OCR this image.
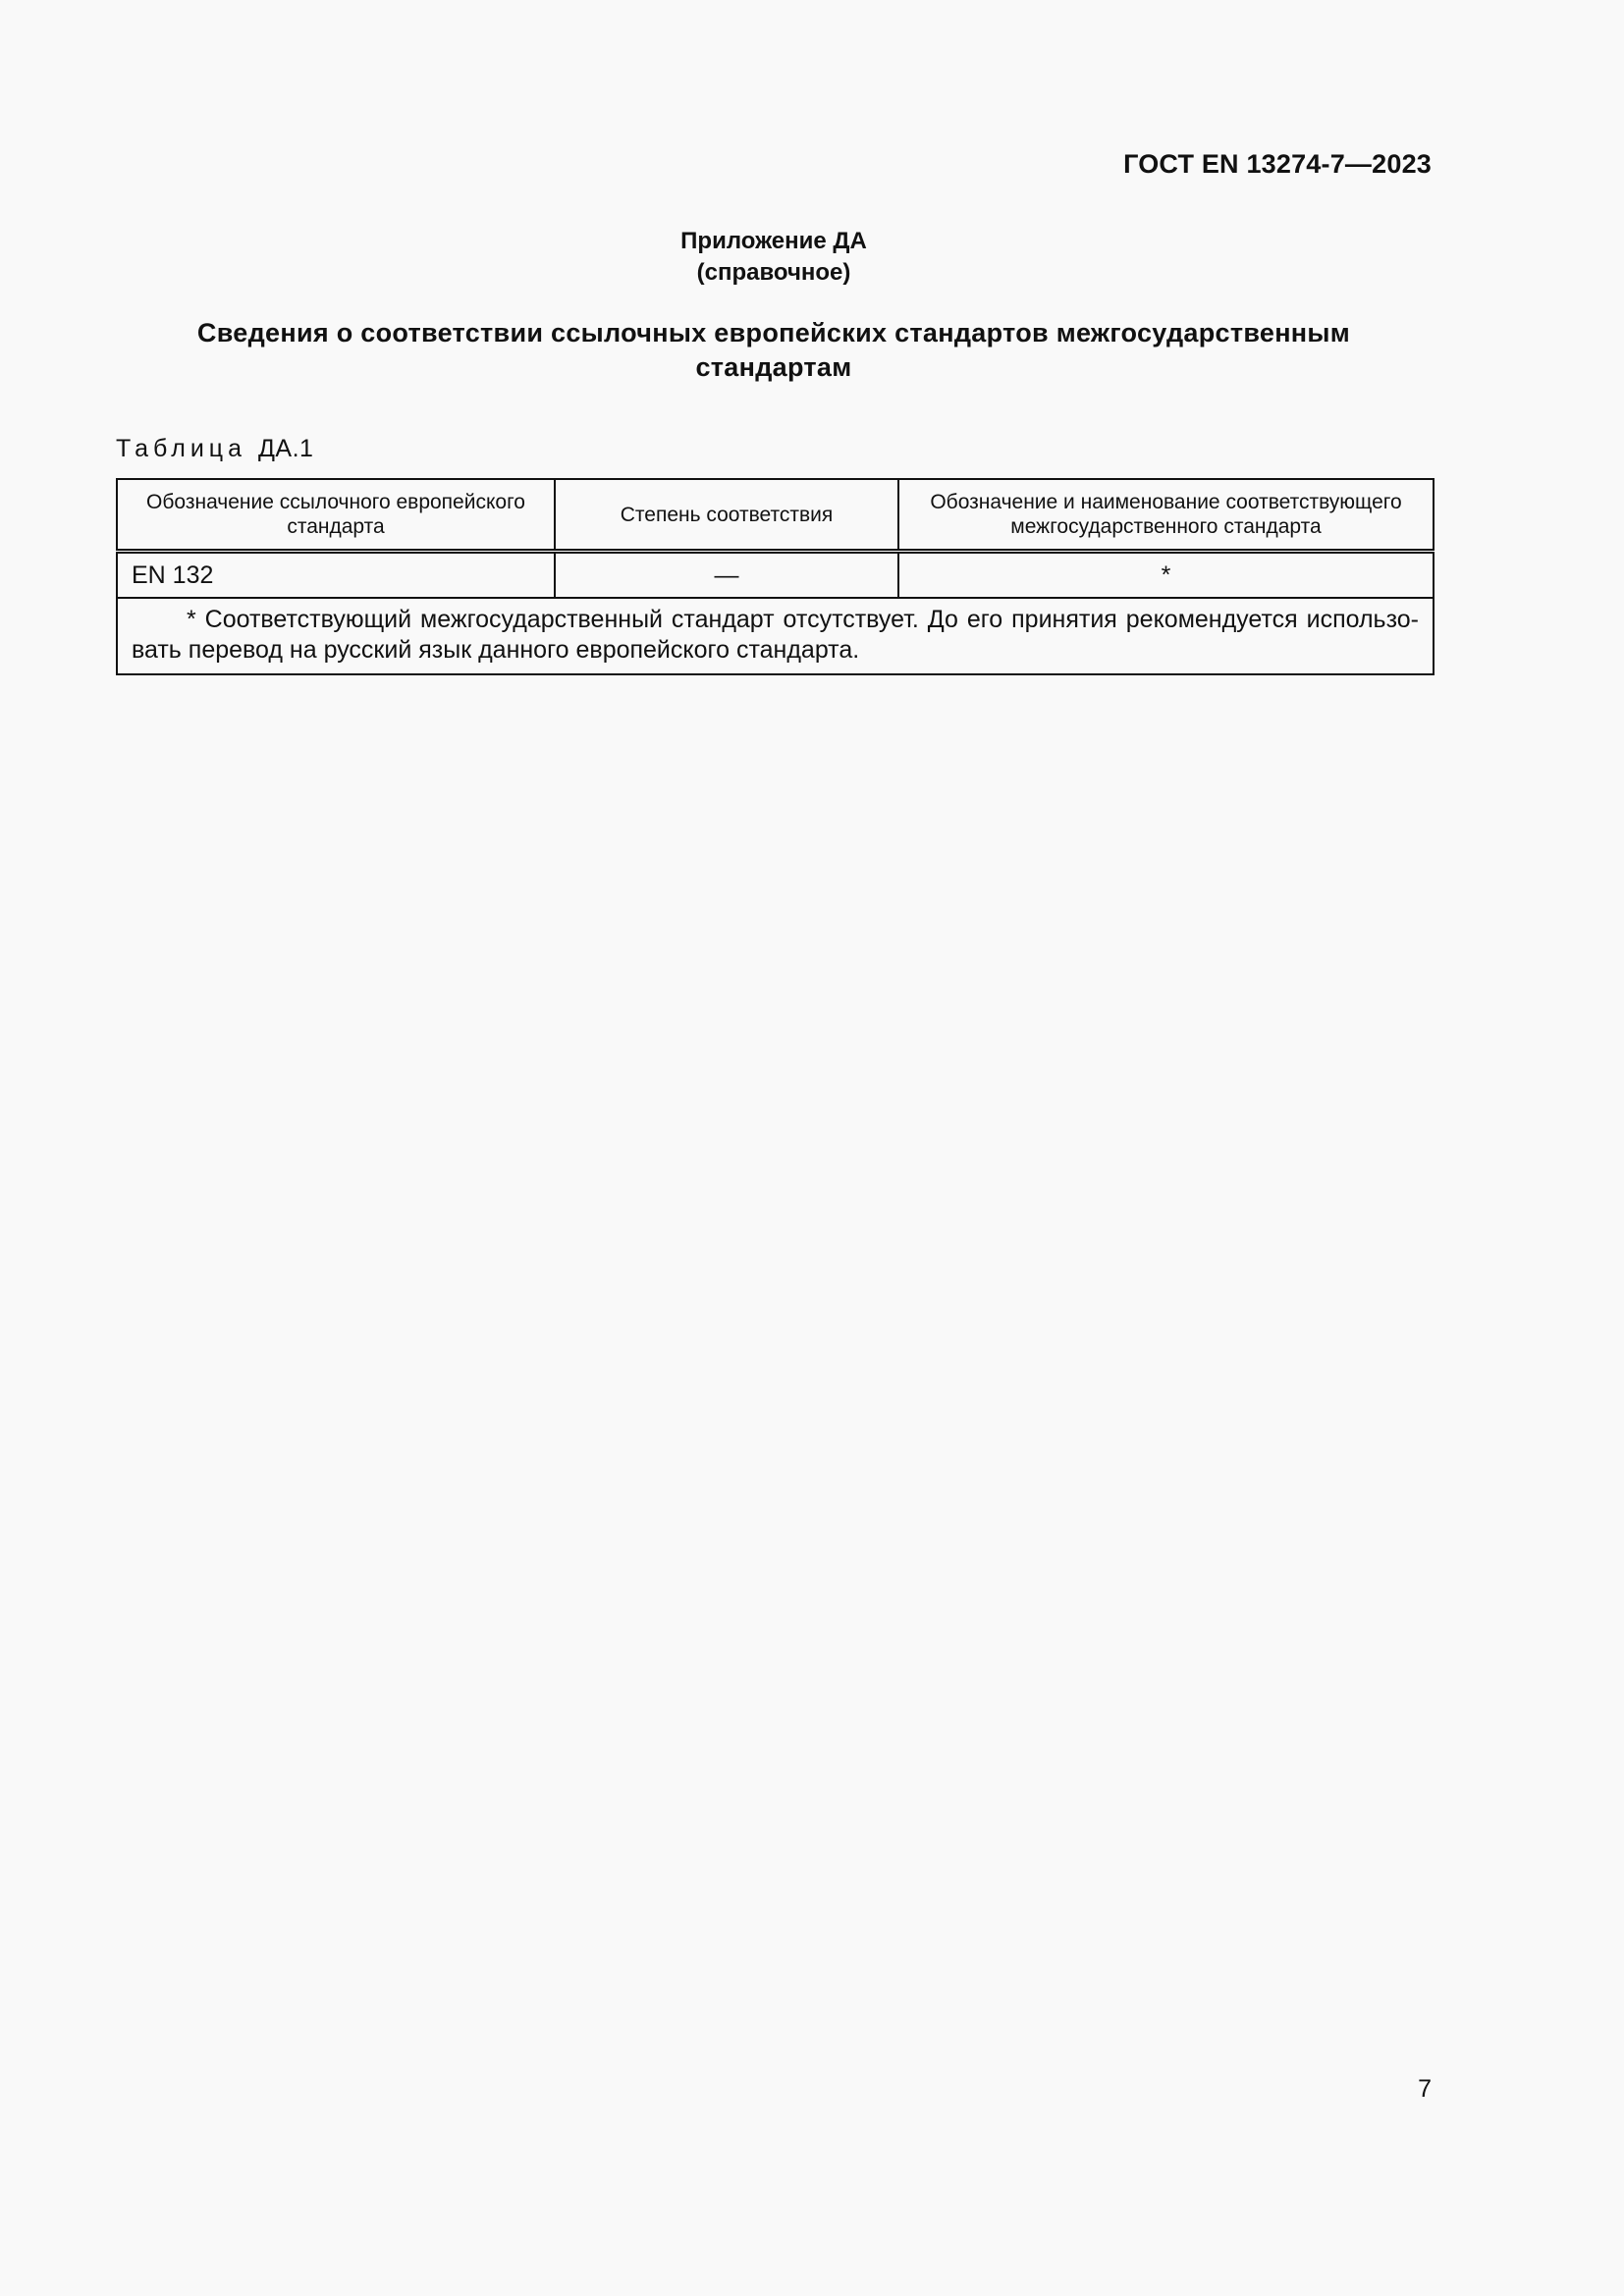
ГОСТ EN 13274-7—2023
Приложение ДА
(справочное)
Сведения о соответствии ссылочных европейских стандартов межгосударственным стандартам
Таблица ДА.1
Обозначение ссылочного европейского стандарта	Степень соответствия	Обозначение и наименование соответствующего межгосударственного стандарта
EN 132	—	*
* Соответствующий межгосударственный стандарт отсутствует. До его принятия рекомендуется использовать перевод на русский язык данного европейского стандарта.		
7
